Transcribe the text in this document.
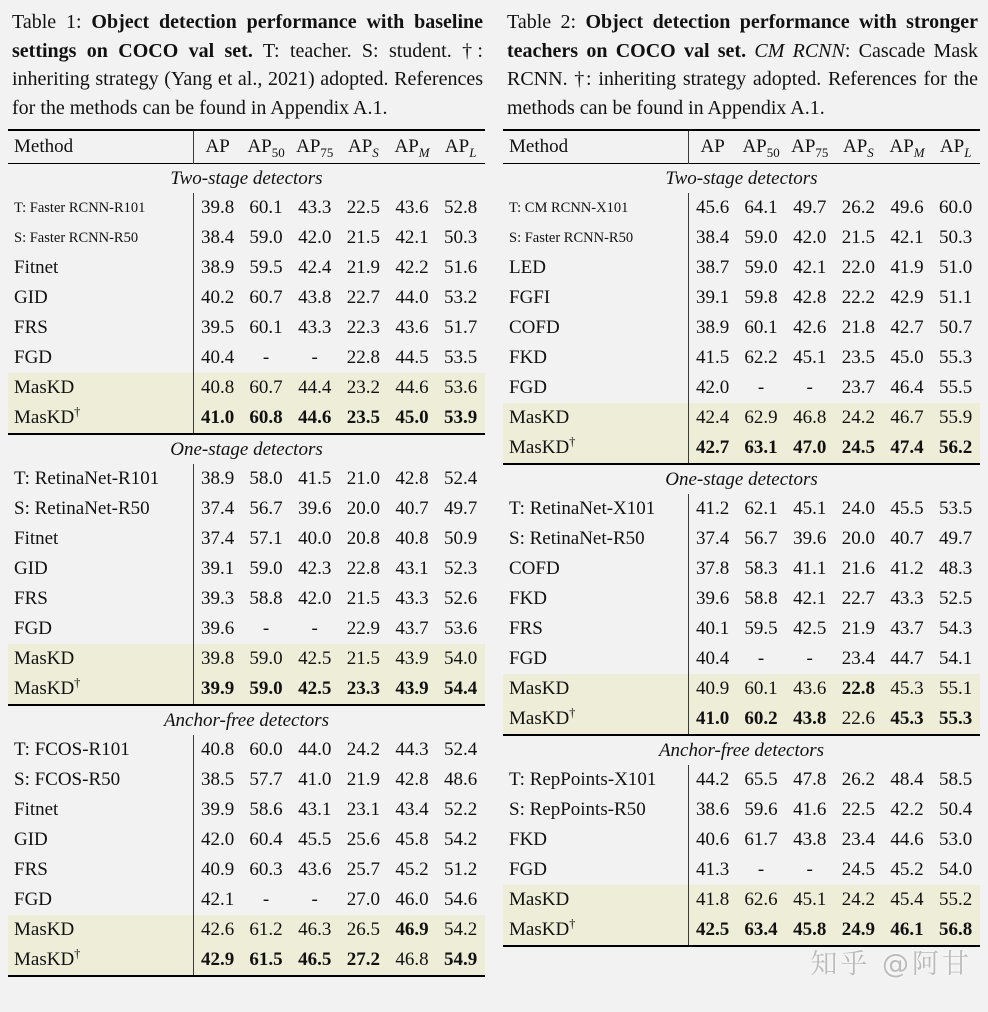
Table 1: Object detection performance with baseline settings on COCO val set. T: teacher. S: student. †: inheriting strategy (Yang et al., 2021) adopted. References for the methods can be found in Appendix A.1.
Method	AP	$AP_{50}$	$AP_{75}$	$AP_S$	$AP_M$	$AP_L$
Two-stage detectors						
T: Faster RCNN-R101	39.8	60.1	43.3	22.5	43.6	52.8
S: Faster RCNN-R50	38.4	59.0	42.0	21.5	42.1	50.3
Fitnet	38.9	59.5	42.4	21.9	42.2	51.6
GID	40.2	60.7	43.8	22.7	44.0	53.2
FRS	39.5	60.1	43.3	22.3	43.6	51.7
FGD	40.4	-	-	22.8	44.5	53.5
MasKD	40.8	60.7	44.4	23.2	44.6	53.6
MasKD†	41.0	60.8	44.6	23.5	45.0	53.9
One-stage detectors						
T: RetinaNet-R101	38.9	58.0	41.5	21.0	42.8	52.4
S: RetinaNet-R50	37.4	56.7	39.6	20.0	40.7	49.7
Fitnet	37.4	57.1	40.0	20.8	40.8	50.9
GID	39.1	59.0	42.3	22.8	43.1	52.3
FRS	39.3	58.8	42.0	21.5	43.3	52.6
FGD	39.6	-	-	22.9	43.7	53.6
MasKD	39.8	59.0	42.5	21.5	43.9	54.0
MasKD†	39.9	59.0	42.5	23.3	43.9	54.4
Anchor-free detectors						
T: FCOS-R101	40.8	60.0	44.0	24.2	44.3	52.4
S: FCOS-R50	38.5	57.7	41.0	21.9	42.8	48.6
Fitnet	39.9	58.6	43.1	23.1	43.4	52.2
GID	42.0	60.4	45.5	25.6	45.8	54.2
FRS	40.9	60.3	43.6	25.7	45.2	51.2
FGD	42.1	-	-	27.0	46.0	54.6
MasKD	42.6	61.2	46.3	26.5	46.9	54.2
MasKD†	42.9	61.5	46.5	27.2	46.8	54.9
Table 2: Object detection performance with stronger teachers on COCO val set. CM RCNN: Cascade Mask RCNN. †: inheriting strategy adopted. References for the methods can be found in Appendix A.1.
Method	AP	$AP_{50}$	$AP_{75}$	$AP_S$	$AP_M$	$AP_L$
Two-stage detectors						
T: CM RCNN-X101	45.6	64.1	49.7	26.2	49.6	60.0
S: Faster RCNN-R50	38.4	59.0	42.0	21.5	42.1	50.3
LED	38.7	59.0	42.1	22.0	41.9	51.0
FGFI	39.1	59.8	42.8	22.2	42.9	51.1
COFD	38.9	60.1	42.6	21.8	42.7	50.7
FKD	41.5	62.2	45.1	23.5	45.0	55.3
FGD	42.0	-	-	23.7	46.4	55.5
MasKD	42.4	62.9	46.8	24.2	46.7	55.9
MasKD†	42.7	63.1	47.0	24.5	47.4	56.2
One-stage detectors						
T: RetinaNet-X101	41.2	62.1	45.1	24.0	45.5	53.5
S: RetinaNet-R50	37.4	56.7	39.6	20.0	40.7	49.7
COFD	37.8	58.3	41.1	21.6	41.2	48.3
FKD	39.6	58.8	42.1	22.7	43.3	52.5
FRS	40.1	59.5	42.5	21.9	43.7	54.3
FGD	40.4	-	-	23.4	44.7	54.1
MasKD	40.9	60.1	43.6	22.8	45.3	55.1
MasKD†	41.0	60.2	43.8	22.6	45.3	55.3
Anchor-free detectors						
T: RepPoints-X101	44.2	65.5	47.8	26.2	48.4	58.5
S: RepPoints-R50	38.6	59.6	41.6	22.5	42.2	50.4
FKD	40.6	61.7	43.8	23.4	44.6	53.0
FGD	41.3	-	-	24.5	45.2	54.0
MasKD	41.8	62.6	45.1	24.2	45.4	55.2
MasKD†	42.5	63.4	45.8	24.9	46.1	56.8
知乎 @阿甘
